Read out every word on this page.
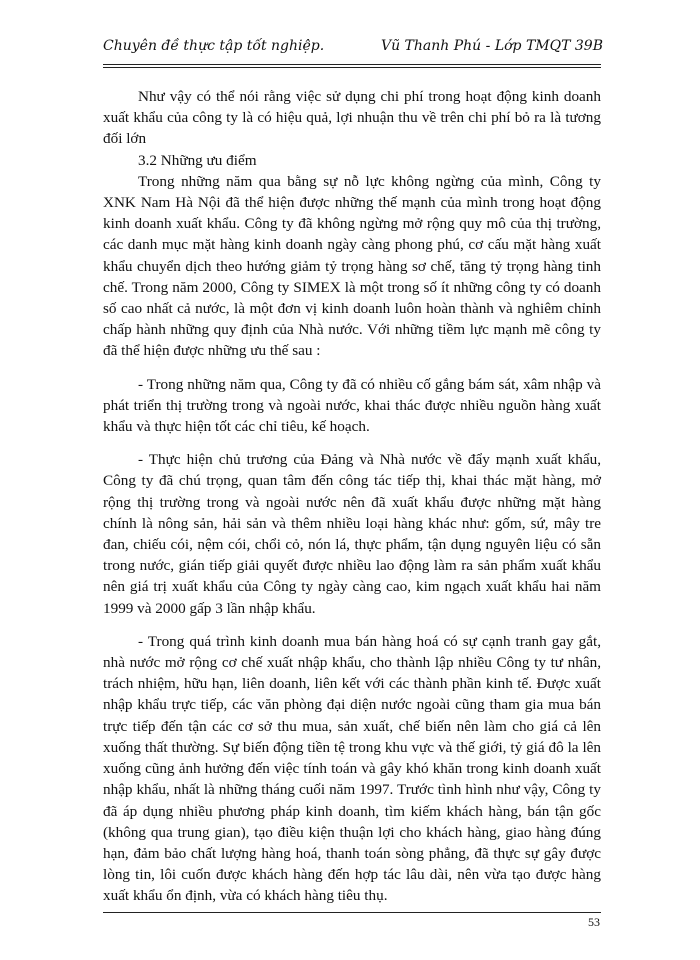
Chuyên đề thực tập tốt nghiệp.	Vũ Thanh Phú - Lớp TMQT 39B

Như vậy có thể nói rằng việc sử dụng chi phí trong hoạt động kinh doanh xuất khẩu của công ty là có hiệu quả, lợi nhuận thu về trên chi phí bỏ ra là tương đối lớn

3.2 Những ưu điểm

Trong những năm qua bằng sự nỗ lực không ngừng của mình, Công ty XNK Nam Hà Nội đã thể hiện được những thế mạnh của mình trong hoạt động kinh doanh xuất khẩu. Công ty đã không ngừng mở rộng quy mô của thị trường, các danh mục mặt hàng kinh doanh ngày càng phong phú, cơ cấu mặt hàng xuất khẩu chuyển dịch theo hướng giảm tỷ trọng hàng sơ chế, tăng tỷ trọng hàng tinh chế. Trong năm 2000, Công ty SIMEX là một trong số ít những công ty có doanh số cao nhất cả nước, là một đơn vị kinh doanh luôn hoàn thành và nghiêm chỉnh chấp hành những quy định của Nhà nước. Với những tiềm lực mạnh mẽ công ty đã thể hiện được những ưu thế sau :

- Trong những năm qua, Công ty đã có nhiều cố gắng bám sát, xâm nhập và phát triển thị trường trong và ngoài nước, khai thác được nhiều nguồn hàng xuất khẩu và thực hiện tốt các chỉ tiêu, kế hoạch.

- Thực hiện chủ trương của Đảng và Nhà nước về đẩy mạnh xuất khẩu, Công ty đã chú trọng, quan tâm đến công tác tiếp thị, khai thác mặt hàng, mở rộng thị trường trong và ngoài nước nên đã xuất khẩu được những mặt hàng chính là nông sản, hải sản và thêm nhiều loại hàng khác như: gốm, sứ, mây tre đan, chiếu cói, nệm cói, chổi cỏ, nón lá, thực phẩm, tận dụng nguyên liệu có sẵn trong nước, gián tiếp giải quyết được nhiều lao động làm ra sản phẩm xuất khẩu nên giá trị xuất khẩu của Công ty ngày càng cao, kim ngạch xuất khẩu hai năm 1999 và 2000 gấp 3 lần nhập khẩu.

- Trong quá trình kinh doanh mua bán hàng hoá có sự cạnh tranh gay gắt, nhà nước mở rộng cơ chế xuất nhập khẩu, cho thành lập nhiều Công ty tư nhân, trách nhiệm, hữu hạn, liên doanh, liên kết với các thành phần kinh tế. Được xuất nhập khẩu trực tiếp, các văn phòng đại diện nước ngoài cũng tham gia mua bán trực tiếp đến tận các cơ sở thu mua, sản xuất, chế biến nên làm cho giá cả lên xuống thất thường. Sự biến động tiền tệ trong khu vực và thế giới, tỷ giá đô la lên xuống cũng ảnh hưởng đến việc tính toán và gây khó khăn trong kinh doanh xuất nhập khẩu, nhất là những tháng cuối năm 1997. Trước tình hình như vậy, Công ty đã áp dụng nhiều phương pháp kinh doanh, tìm kiếm khách hàng, bán tận gốc (không qua trung gian), tạo điều kiện thuận lợi cho khách hàng, giao hàng đúng hạn, đảm bảo chất lượng hàng hoá, thanh toán sòng phẳng, đã thực sự gây được lòng tin, lôi cuốn được khách hàng đến hợp tác lâu dài, nên vừa tạo được hàng xuất khẩu ổn định, vừa có khách hàng tiêu thụ.

53
